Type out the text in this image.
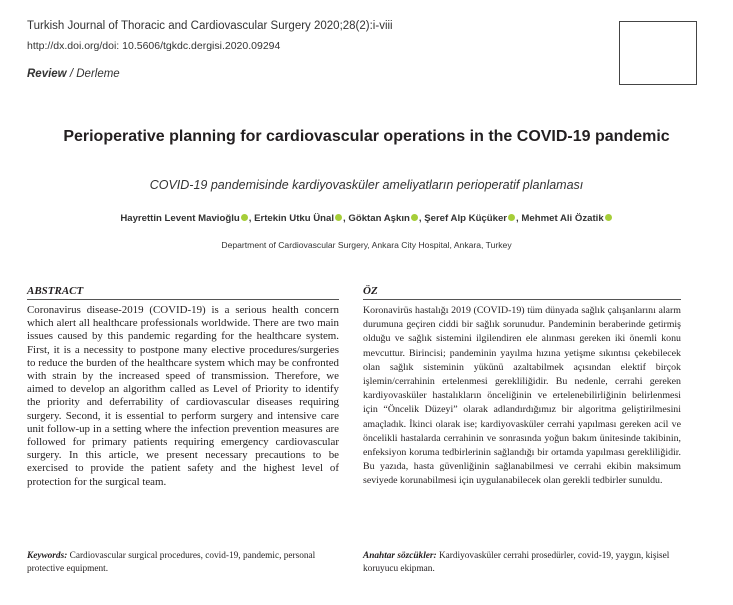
Turkish Journal of Thoracic and Cardiovascular Surgery 2020;28(2):i-viii
http://dx.doi.org/doi: 10.5606/tgkdc.dergisi.2020.09294
Review / Derleme
Perioperative planning for cardiovascular operations in the COVID-19 pandemic
COVID-19 pandemisinde kardiyovasküler ameliyatların perioperatif planlaması
Hayrettin Levent Mavioğlu , Ertekin Utku Ünal , Göktan Aşkın , Şeref Alp Küçüker , Mehmet Ali Özatik
Department of Cardiovascular Surgery, Ankara City Hospital, Ankara, Turkey
ABSTRACT

Coronavirus disease-2019 (COVID-19) is a serious health concern which alert all healthcare professionals worldwide. There are two main issues caused by this pandemic regarding for the healthcare system. First, it is a necessity to postpone many elective procedures/surgeries to reduce the burden of the healthcare system which may be confronted with strain by the increased speed of transmission. Therefore, we aimed to develop an algorithm called as Level of Priority to identify the priority and deferrability of cardiovascular diseases requiring surgery. Second, it is essential to perform surgery and intensive care unit follow-up in a setting where the infection prevention measures are followed for primary patients requiring emergency cardiovascular surgery. In this article, we present necessary precautions to be exercised to provide the patient safety and the highest level of protection for the surgical team.

ÖZ

Koronavirüs hastalığı 2019 (COVID-19) tüm dünyada sağlık çalışanlarını alarm durumuna geçiren ciddi bir sağlık sorunudur. Pandeminin beraberinde getirmiş olduğu ve sağlık sistemini ilgilendiren ele alınması gereken iki önemli konu mevcuttur. Birincisi; pandeminin yayılma hızına yetişme sıkıntısı çekebilecek olan sağlık sisteminin yükünü azaltabilmek açısından elektif birçok işlemin/cerrahinin ertelenmesi gerekliliğidir. Bu nedenle, cerrahi gereken kardiyovasküler hastalıkların önceliğinin ve ertelenebilirliğinin belirlenmesi için “Öncelik Düzeyi” olarak adlandırdığımız bir algoritma geliştirilmesini amaçladık. İkinci olarak ise; kardiyovasküler cerrahi yapılması gereken acil ve öncelikli hastalarda cerrahinin ve sonrasında yoğun bakım ünitesinde takibinin, enfeksiyon koruma tedbirlerinin sağlandığı bir ortamda yapılması gerekliliğidir. Bu yazıda, hasta güvenliğinin sağlanabilmesi ve cerrahi ekibin maksimum seviyede korunabilmesi için uygulanabilecek olan gerekli tedbirler sunuldu.

Keywords: Cardiovascular surgical procedures, covid-19, pandemic, personal protective equipment.
Anahtar sözcükler: Kardiyovasküler cerrahi prosedürler, covid-19, yaygın, kişisel koruyucu ekipman.
